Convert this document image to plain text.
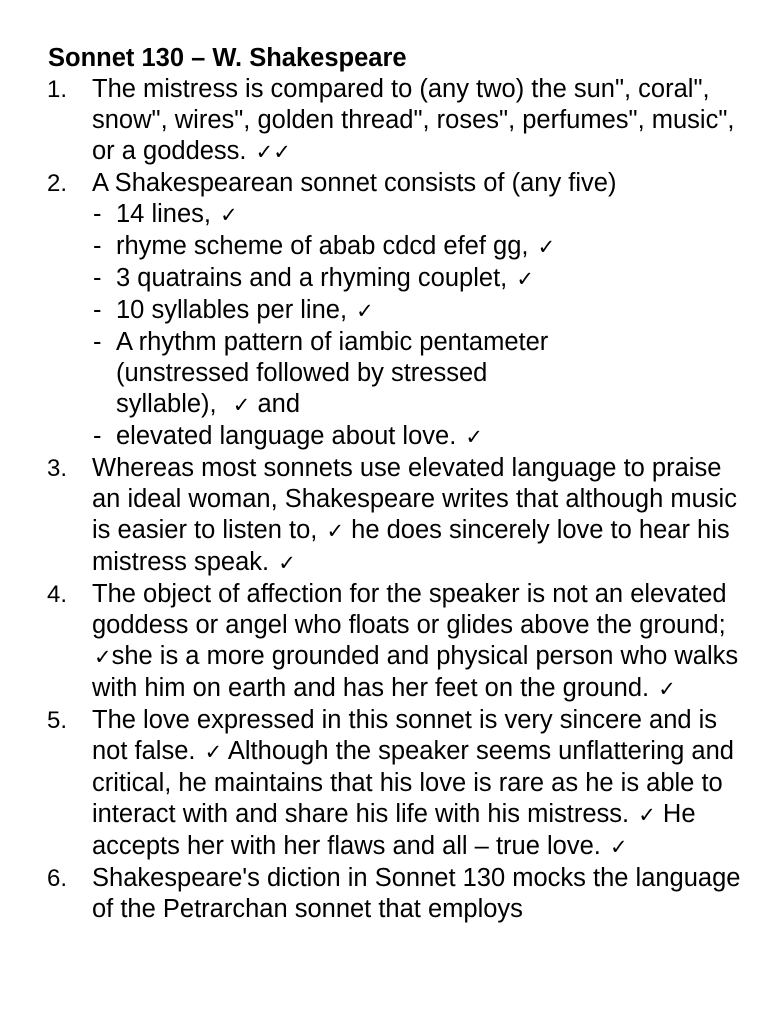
Sonnet 130 – W. Shakespeare
1. The mistress is compared to (any two) the sun", coral", snow", wires", golden thread", roses", perfumes", music", or a goddess. ✓✓
2. A Shakespearean sonnet consists of (any five)
- 14 lines, ✓
- rhyme scheme of abab cdcd efef gg, ✓
- 3 quatrains and a rhyming couplet, ✓
- 10 syllables per line, ✓
- A rhythm pattern of iambic pentameter
(unstressed followed by stressed
syllable), ✓ and
- elevated language about love. ✓
3. Whereas most sonnets use elevated language to praise an ideal woman, Shakespeare writes that although music is easier to listen to, ✓ he does sincerely love to hear his mistress speak. ✓
4. The object of affection for the speaker is not an elevated goddess or angel who floats or glides above the ground; ✓she is a more grounded and physical person who walks with him on earth and has her feet on the ground. ✓
5. The love expressed in this sonnet is very sincere and is not false. ✓ Although the speaker seems unflattering and critical, he maintains that his love is rare as he is able to interact with and share his life with his mistress. ✓ He accepts her with her flaws and all – true love. ✓
6. Shakespeare's diction in Sonnet 130 mocks the language of the Petrarchan sonnet that employs
